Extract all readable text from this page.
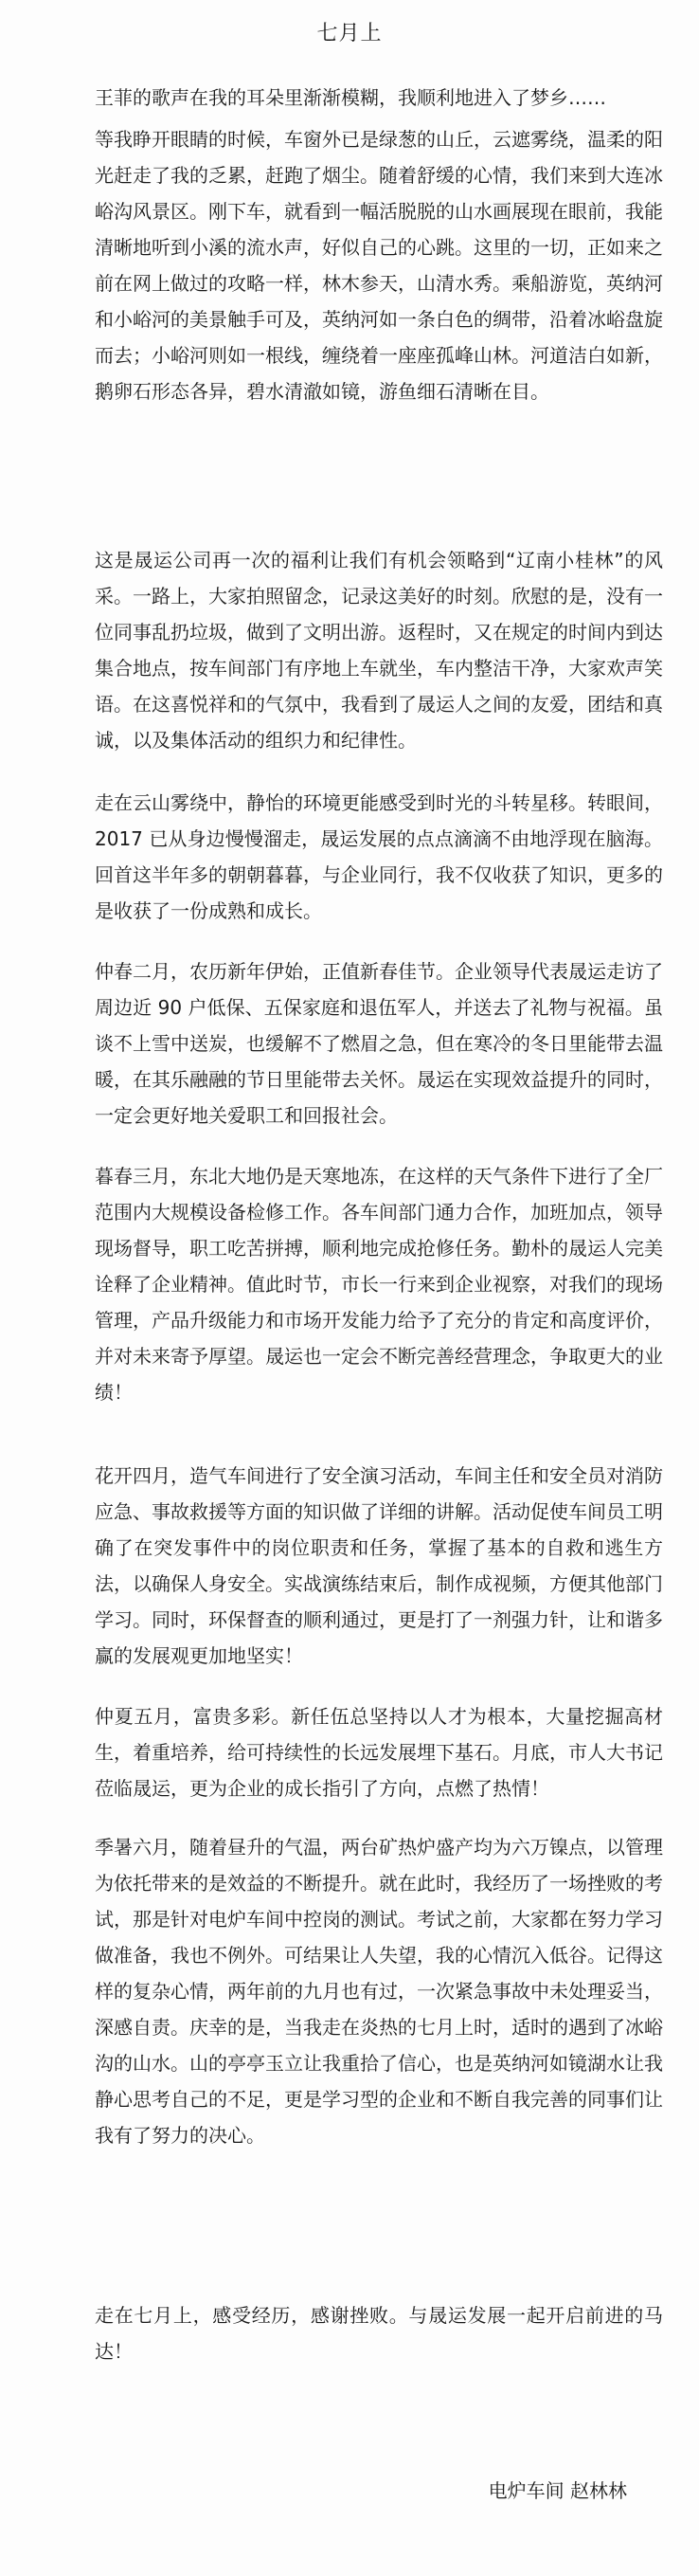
七月上
王菲的歌声在我的耳朵里渐渐模糊，我顺利地进入了梦乡……
等我睁开眼睛的时候，车窗外已是绿葱的山丘，云遮雾绕，温柔的阳光赶走了我的乏累，赶跑了烟尘。随着舒缓的心情，我们来到大连冰峪沟风景区。刚下车，就看到一幅活脱脱的山水画展现在眼前，我能清晰地听到小溪的流水声，好似自己的心跳。这里的一切，正如来之前在网上做过的攻略一样，林木参天，山清水秀。乘船游览，英纳河和小峪河的美景触手可及，英纳河如一条白色的绸带，沿着冰峪盘旋而去；小峪河则如一根线，缠绕着一座座孤峰山林。河道洁白如新，鹅卵石形态各异，碧水清澈如镜，游鱼细石清晰在目。
这是晟运公司再一次的福利让我们有机会领略到“辽南小桂林”的风采。一路上，大家拍照留念，记录这美好的时刻。欣慰的是，没有一位同事乱扔垃圾，做到了文明出游。返程时，又在规定的时间内到达集合地点，按车间部门有序地上车就坐，车内整洁干净，大家欢声笑语。在这喜悦祥和的气氛中，我看到了晟运人之间的友爱，团结和真诚，以及集体活动的组织力和纪律性。
走在云山雾绕中，静怡的环境更能感受到时光的斗转星移。转眼间，2017 已从身边慢慢溜走，晟运发展的点点滴滴不由地浮现在脑海。回首这半年多的朝朝暮暮，与企业同行，我不仅收获了知识，更多的是收获了一份成熟和成长。
仲春二月，农历新年伊始，正值新春佳节。企业领导代表晟运走访了周边近 90 户低保、五保家庭和退伍军人，并送去了礼物与祝福。虽谈不上雪中送炭，也缓解不了燃眉之急，但在寒冷的冬日里能带去温暖，在其乐融融的节日里能带去关怀。晟运在实现效益提升的同时，一定会更好地关爱职工和回报社会。
暮春三月，东北大地仍是天寒地冻，在这样的天气条件下进行了全厂范围内大规模设备检修工作。各车间部门通力合作，加班加点，领导现场督导，职工吃苦拼搏，顺利地完成抢修任务。勤朴的晟运人完美诠释了企业精神。值此时节，市长一行来到企业视察，对我们的现场管理，产品升级能力和市场开发能力给予了充分的肯定和高度评价，并对未来寄予厚望。晟运也一定会不断完善经营理念，争取更大的业绩！
花开四月，造气车间进行了安全演习活动，车间主任和安全员对消防应急、事故救援等方面的知识做了详细的讲解。活动促使车间员工明确了在突发事件中的岗位职责和任务，掌握了基本的自救和逃生方法，以确保人身安全。实战演练结束后，制作成视频，方便其他部门学习。同时，环保督查的顺利通过，更是打了一剂强力针，让和谐多赢的发展观更加地坚实！
仲夏五月，富贵多彩。新任伍总坚持以人才为根本，大量挖掘高材生，着重培养，给可持续性的长远发展埋下基石。月底，市人大书记莅临晟运，更为企业的成长指引了方向，点燃了热情！
季暑六月，随着昼升的气温，两台矿热炉盛产均为六万镍点，以管理为依托带来的是效益的不断提升。就在此时，我经历了一场挫败的考试，那是针对电炉车间中控岗的测试。考试之前，大家都在努力学习做准备，我也不例外。可结果让人失望，我的心情沉入低谷。记得这样的复杂心情，两年前的九月也有过，一次紧急事故中未处理妥当，深感自责。庆幸的是，当我走在炎热的七月上时，适时的遇到了冰峪沟的山水。山的亭亭玉立让我重拾了信心，也是英纳河如镜湖水让我静心思考自己的不足，更是学习型的企业和不断自我完善的同事们让我有了努力的决心。
走在七月上，感受经历，感谢挫败。与晟运发展一起开启前进的马达！
电炉车间 赵林林
